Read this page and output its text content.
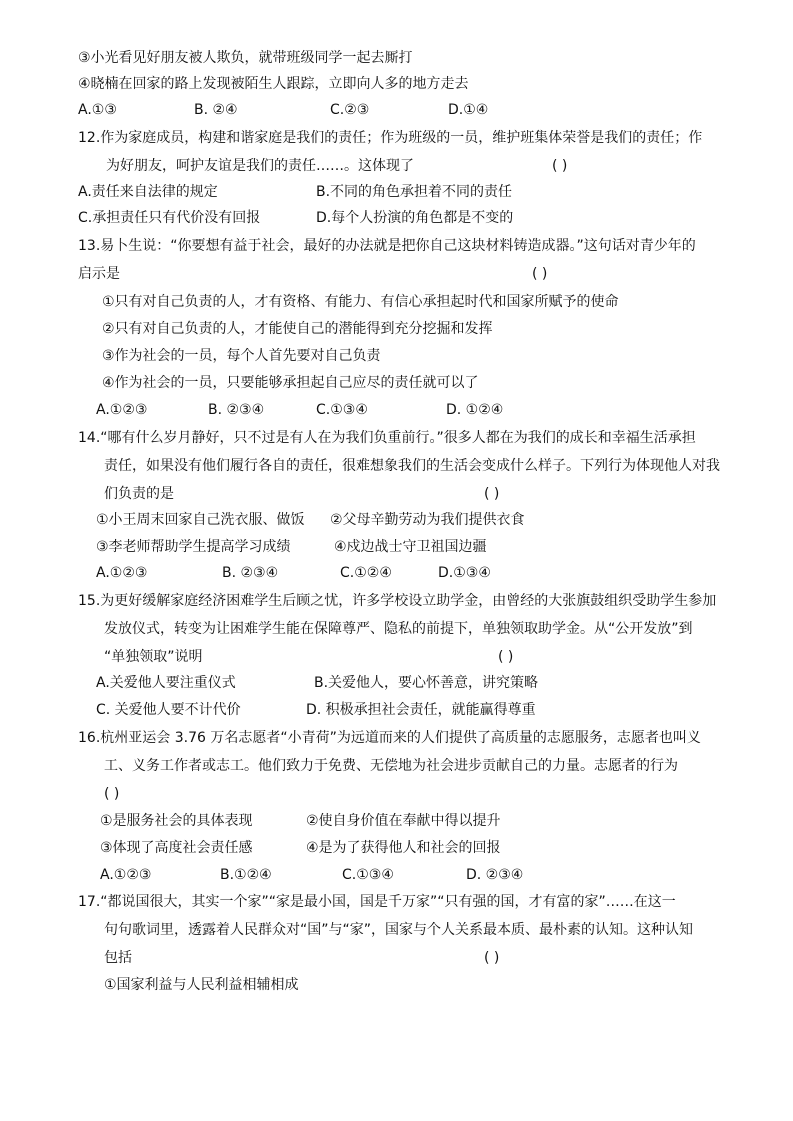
③小光看见好朋友被人欺负，就带班级同学一起去厮打
④晓楠在回家的路上发现被陌生人跟踪，立即向人多的地方走去
A.①③	B. ②④	C.②③	D.①④
12.作为家庭成员，构建和谐家庭是我们的责任；作为班级的一员，维护班集体荣誉是我们的责任；作
为好朋友，呵护友谊是我们的责任……。这体现了	( )
A.责任来自法律的规定	B.不同的角色承担着不同的责任
C.承担责任只有代价没有回报	D.每个人扮演的角色都是不变的
13.易卜生说：“你要想有益于社会，最好的办法就是把你自己这块材料铸造成器。”这句话对青少年的
启示是	( )
①只有对自己负责的人，才有资格、有能力、有信心承担起时代和国家所赋予的使命
②只有对自己负责的人，才能使自己的潜能得到充分挖掘和发挥
③作为社会的一员，每个人首先要对自己负责
④作为社会的一员，只要能够承担起自己应尽的责任就可以了
A.①②③	B. ②③④	C.①③④	D. ①②④
14.“哪有什么岁月静好，只不过是有人在为我们负重前行。”很多人都在为我们的成长和幸福生活承担
责任，如果没有他们履行各自的责任，很难想象我们的生活会变成什么样子。下列行为体现他人对我
们负责的是	( )
①小王周末回家自己洗衣服、做饭 ②父母辛勤劳动为我们提供衣食
③李老师帮助学生提高学习成绩	④戍边战士守卫祖国边疆
A.①②③	B. ②③④	C.①②④	D.①③④
15.为更好缓解家庭经济困难学生后顾之忧，许多学校设立助学金，由曾经的大张旗鼓组织受助学生参加
发放仪式，转变为让困难学生能在保障尊严、隐私的前提下，单独领取助学金。从“公开发放”到
“单独领取”说明	( )
A.关爱他人要注重仪式	B.关爱他人，要心怀善意，讲究策略
C. 关爱他人要不计代价	D. 积极承担社会责任，就能赢得尊重
16.杭州亚运会 3.76 万名志愿者“小青荷”为远道而来的人们提供了高质量的志愿服务，志愿者也叫义
工、义务工作者或志工。他们致力于免费、无偿地为社会进步贡献自己的力量。志愿者的行为
( )
①是服务社会的具体表现	②使自身价值在奉献中得以提升
③体现了高度社会责任感	④是为了获得他人和社会的回报
A.①②③	B.①②④	C.①③④	D. ②③④
17.“都说国很大，其实一个家”“家是最小国，国是千万家”“只有强的国，才有富的家”……在这一
句句歌词里，透露着人民群众对“国”与“家”，国家与个人关系最本质、最朴素的认知。这种认知
包括	( )
①国家利益与人民利益相辅相成
